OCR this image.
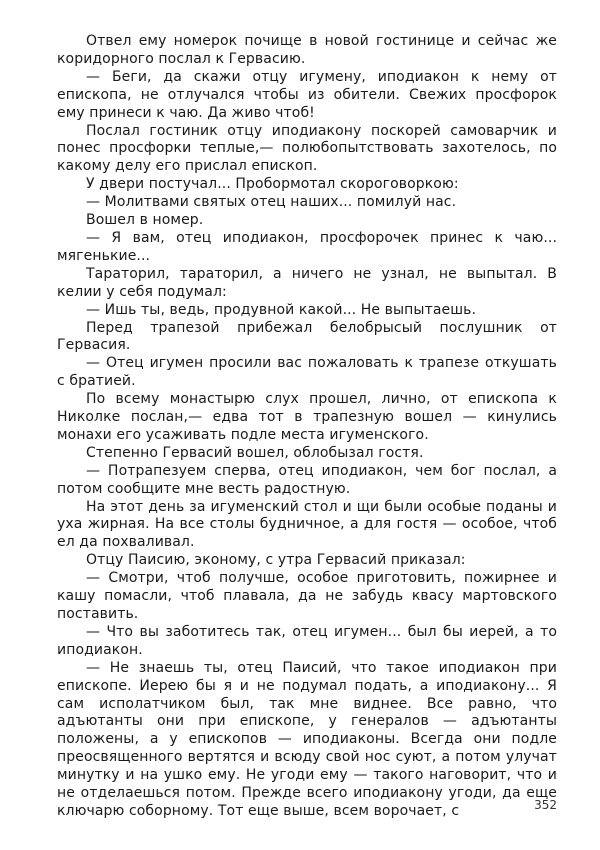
Отвел ему номерок почище в новой гостинице и сейчас же коридорного послал к Гервасию.

— Беги, да скажи отцу игумену, иподиакон к нему от епископа, не отлучался чтобы из обители. Свежих просфорок ему принеси к чаю. Да живо чтоб!

Послал гостиник отцу иподиакону поскорей самоварчик и понес просфорки теплые,— полюбопытствовать захотелось, по какому делу его прислал епископ.

У двери постучал... Пробормотал скороговоркою:

— Молитвами святых отец наших... помилуй нас.

Вошел в номер.

— Я вам, отец иподиакон, просфорочек принес к чаю... мягенькие...

Тараторил, тараторил, а ничего не узнал, не выпытал. В келии у себя подумал:

— Ишь ты, ведь, продувной какой... Не выпытаешь.

Перед трапезой прибежал белобрысый послушник от Гервасия.

— Отец игумен просили вас пожаловать к трапезе откушать с братией.

По всему монастырю слух прошел, лично, от епископа к Николке послан,— едва тот в трапезную вошел — кинулись монахи его усаживать подле места игуменского.

Степенно Гервасий вошел, облобызал гостя.

— Потрапезуем сперва, отец иподиакон, чем бог послал, а потом сообщите мне весть радостную.

На этот день за игуменский стол и щи были особые поданы и уха жирная. На все столы будничное, а для гостя — особое, чтоб ел да похваливал.

Отцу Паисию, эконому, с утра Гервасий приказал:

— Смотри, чтоб получше, особое приготовить, пожирнее и кашу помасли, чтоб плавала, да не забудь квасу мартовского поставить.

— Что вы заботитесь так, отец игумен... был бы иерей, а то иподиакон.

— Не знаешь ты, отец Паисий, что такое иподиакон при епископе. Иерею бы я и не подумал подать, а иподиакону... Я сам исполатчиком был, так мне виднее. Все равно, что адъютанты они при епископе, у генералов — адъютанты положены, а у епископов — иподиаконы. Всегда они подле преосвященного вертятся и всюду свой нос суют, а потом улучат минутку и на ушко ему. Не угоди ему — такого наговорит, что и не отделаешься потом. Прежде всего иподиакону угоди, да еще ключарю соборному. Тот еще выше, всем ворочает, с	352
